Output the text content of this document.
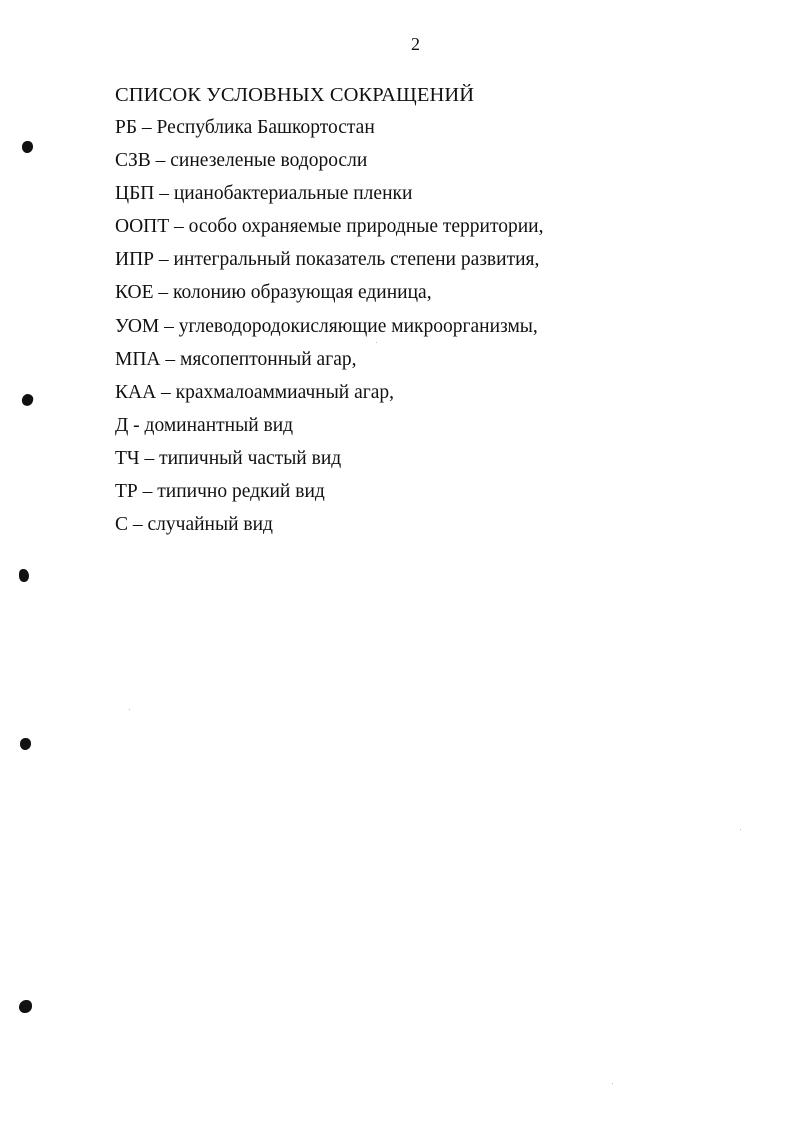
2
СПИСОК УСЛОВНЫХ СОКРАЩЕНИЙ
РБ – Республика Башкортостан
СЗВ – синезеленые водоросли
ЦБП – цианобактериальные пленки
ООПТ – особо охраняемые природные территории,
ИПР – интегральный показатель степени развития,
КОЕ – колонию образующая единица,
УОМ – углеводородокисляющие микроорганизмы,
МПА – мясопептонный агар,
КАА – крахмалоаммиачный агар,
Д - доминантный вид
ТЧ – типичный частый вид
ТР – типично редкий вид
С – случайный вид
